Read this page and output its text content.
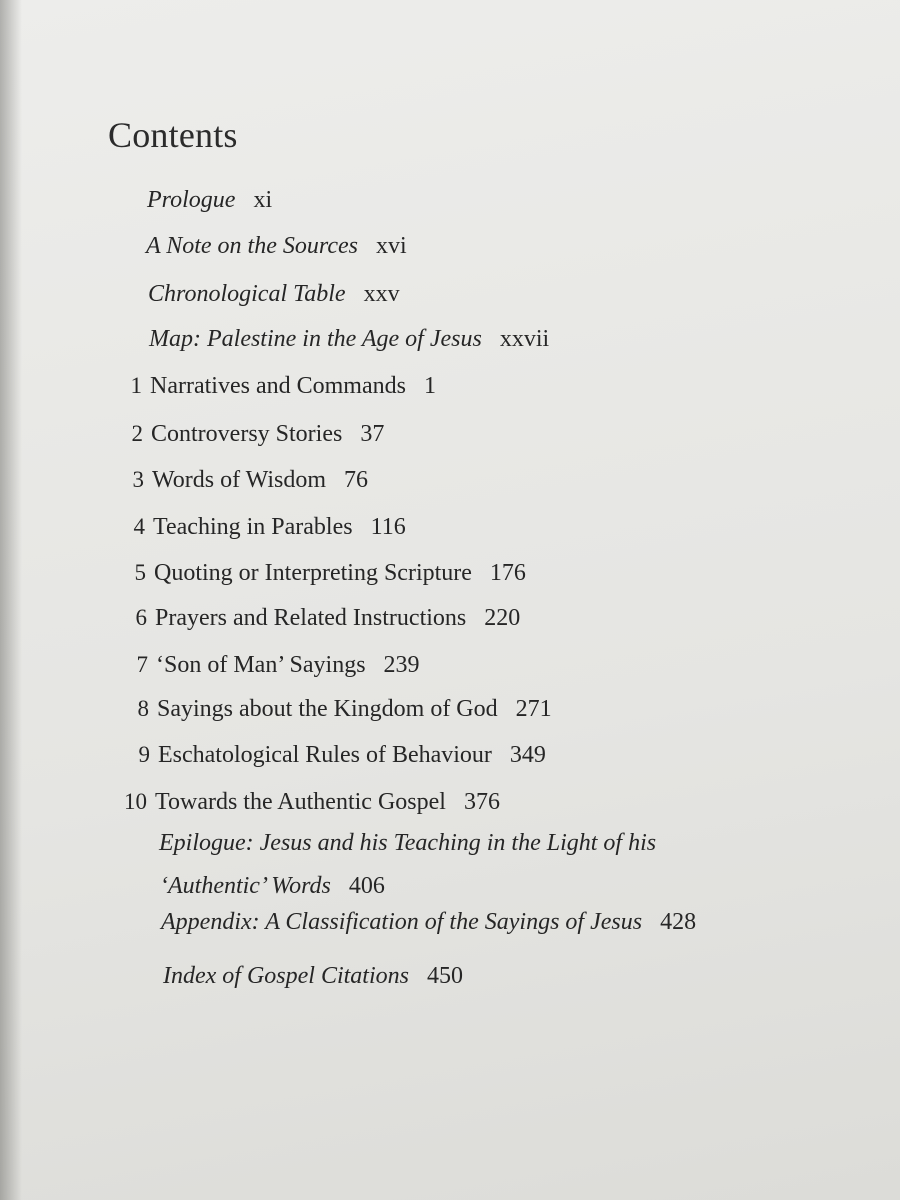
Contents
Prologue xi
A Note on the Sources xvi
Chronological Table xxv
Map: Palestine in the Age of Jesus xxvii
1 Narratives and Commands 1
2 Controversy Stories 37
3 Words of Wisdom 76
4 Teaching in Parables 116
5 Quoting or Interpreting Scripture 176
6 Prayers and Related Instructions 220
7 ‘Son of Man’ Sayings 239
8 Sayings about the Kingdom of God 271
9 Eschatological Rules of Behaviour 349
10 Towards the Authentic Gospel 376
Epilogue: Jesus and his Teaching in the Light of his
‘Authentic’ Words 406
Appendix: A Classification of the Sayings of Jesus 428
Index of Gospel Citations 450
